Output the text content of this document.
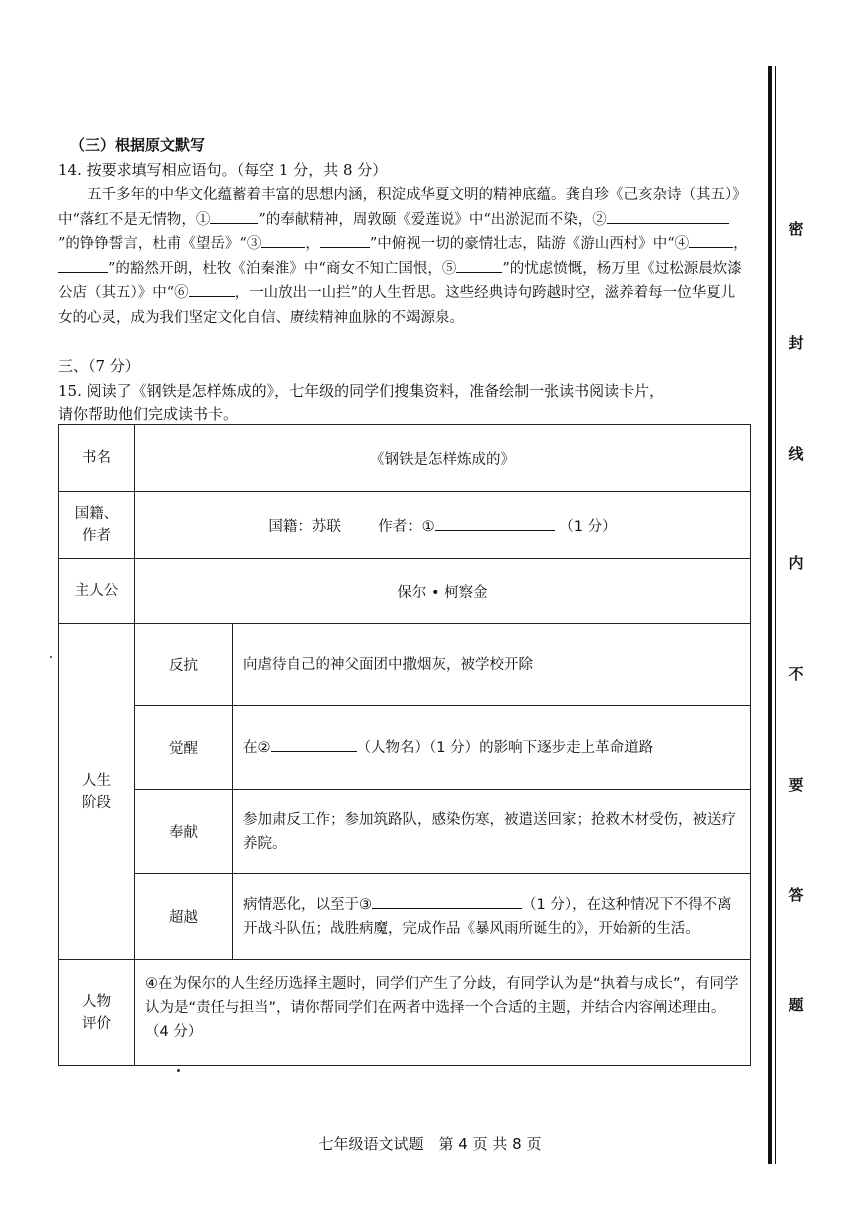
密
封
线
内
不
要
答
题
（三）根据原文默写
14. 按要求填写相应语句。（每空 1 分，共 8 分）
五千多年的中华文化蕴蓄着丰富的思想内涵，积淀成华夏文明的精神底蕴。龚自珍《己亥杂诗（其五）》中“落红不是无情物，①	”的奉献精神，周敦颐《爱莲说》中“出淤泥而不染，②”的铮铮誓言，杜甫《望岳》“③	，	”中俯视一切的豪情壮志，陆游《游山西村》中“④	，”的豁然开朗，杜牧《泊秦淮》中“商女不知亡国恨，⑤	”的忧虑愤慨，杨万里《过松源晨炊漆公店（其五）》中“⑥	，一山放出一山拦”的人生哲思。这些经典诗句跨越时空，滋养着每一位华夏儿女的心灵，成为我们坚定文化自信、赓续精神血脉的不竭源泉。
三、（7 分）
15. 阅读了《钢铁是怎样炼成的》，七年级的同学们搜集资料，准备绘制一张读书阅读卡片，
请你帮助他们完成读书卡。
书名	《钢铁是怎样炼成的》	

国籍、
作者	国籍：苏联 作者：① （1 分）	
主人公	保尔 • 柯察金	

人生
阶段	反抗	向虐待自己的神父面团中撒烟灰，被学校开除
	觉醒	在② （人物名）（1 分）的影响下逐步走上革命道路
	奉献	参加肃反工作；参加筑路队，感染伤寒，被遣送回家；抢救木材受伤，被送疗养院。
	超越	病情恶化，以至于③ （1 分），在这种情况下不得不离开战斗队伍；战胜病魔，完成作品《暴风雨所诞生的》，开始新的生活。

人物
评价	④在为保尔的人生经历选择主题时，同学们产生了分歧，有同学认为是“执着与成长”，有同学认为是“责任与担当”，请你帮同学们在两者中选择一个合适的主题，并结合内容阐述理由。（4 分）	
七年级语文试题　第 4 页 共 8 页
